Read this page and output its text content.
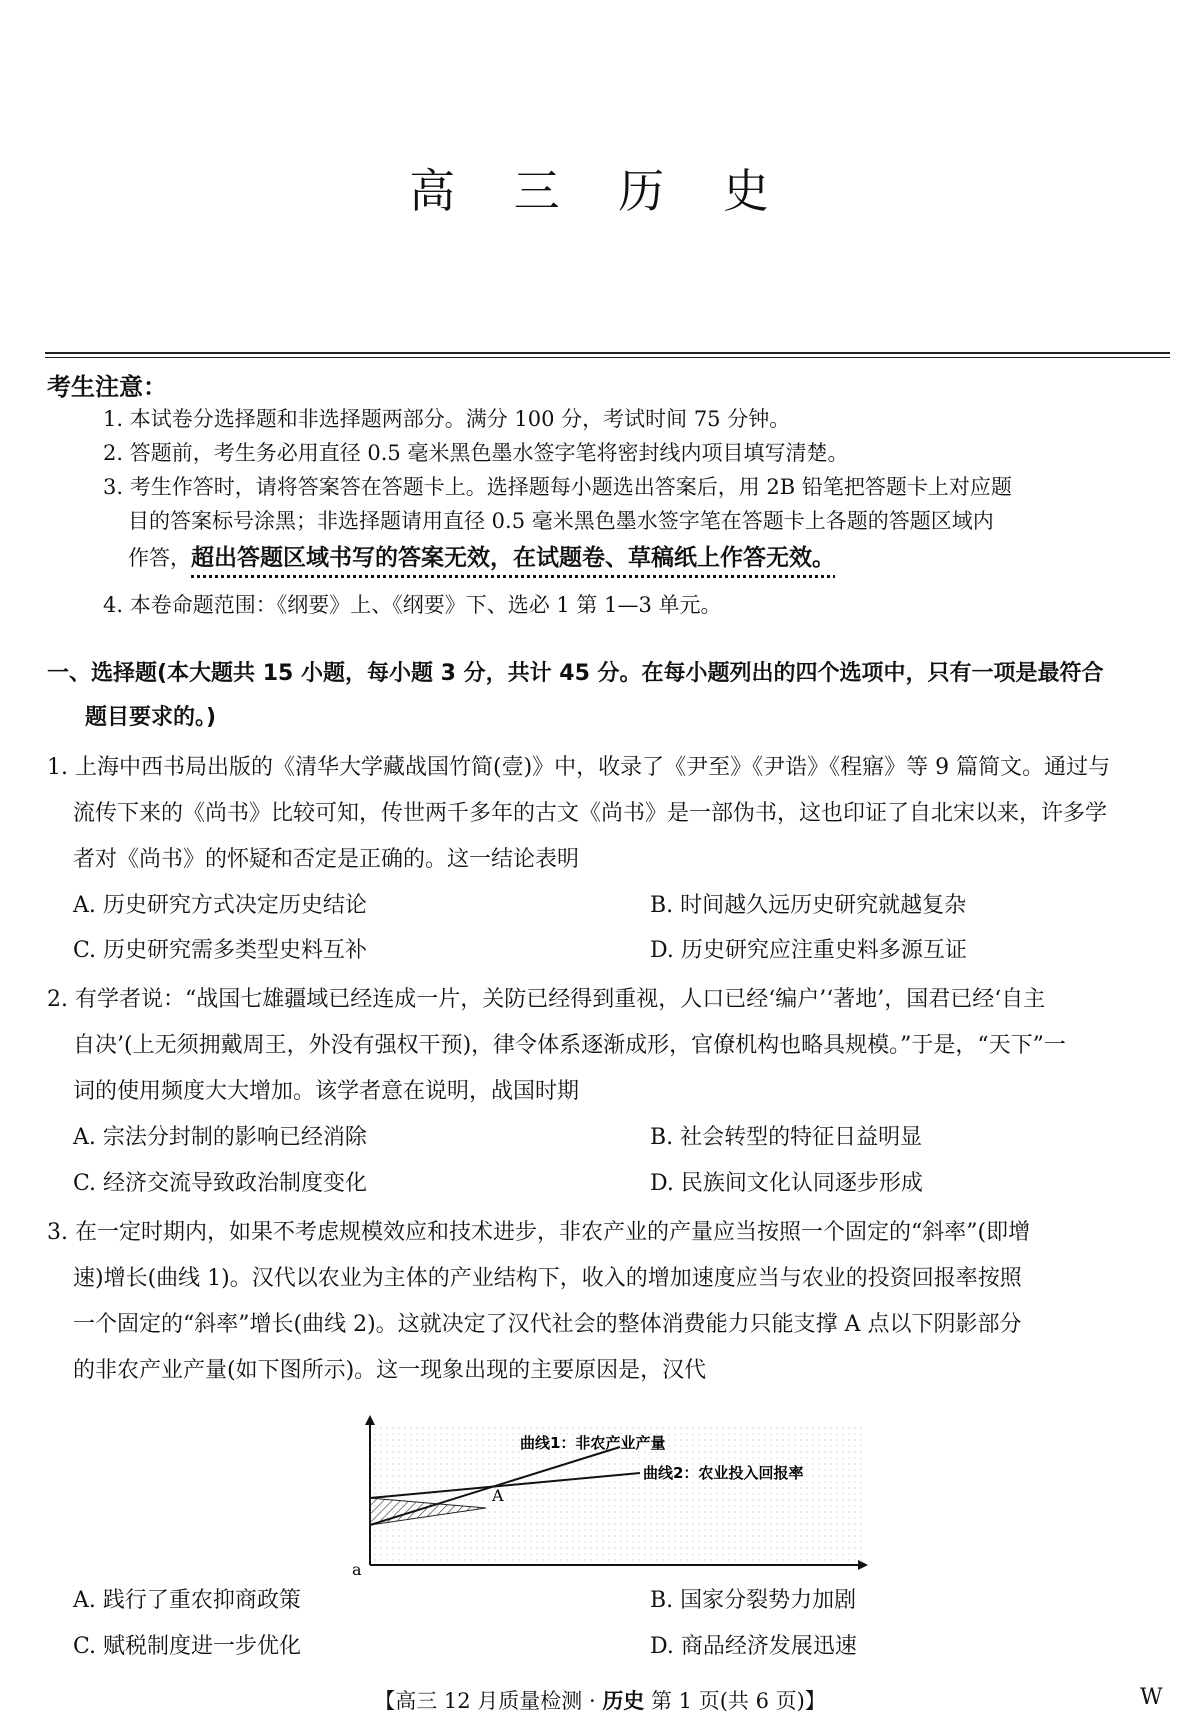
高 三 历 史
考生注意：
1. 本试卷分选择题和非选择题两部分。满分 100 分，考试时间 75 分钟。
2. 答题前，考生务必用直径 0.5 毫米黑色墨水签字笔将密封线内项目填写清楚。
3. 考生作答时，请将答案答在答题卡上。选择题每小题选出答案后，用 2B 铅笔把答题卡上对应题
目的答案标号涂黑；非选择题请用直径 0.5 毫米黑色墨水签字笔在答题卡上各题的答题区域内
作答，超出答题区域书写的答案无效，在试题卷、草稿纸上作答无效。
4. 本卷命题范围：《纲要》上、《纲要》下、选必 1 第 1—3 单元。
一、选择题(本大题共 15 小题，每小题 3 分，共计 45 分。在每小题列出的四个选项中，只有一项是最符合
题目要求的。)
1. 上海中西书局出版的《清华大学藏战国竹简(壹)》中，收录了《尹至》《尹诰》《程寤》等 9 篇简文。通过与
流传下来的《尚书》比较可知，传世两千多年的古文《尚书》是一部伪书，这也印证了自北宋以来，许多学
者对《尚书》的怀疑和否定是正确的。这一结论表明
A. 历史研究方式决定历史结论	B. 时间越久远历史研究就越复杂
C. 历史研究需多类型史料互补	D. 历史研究应注重史料多源互证
2. 有学者说：“战国七雄疆域已经连成一片，关防已经得到重视，人口已经‘编户’‘著地’，国君已经‘自主
自决’(上无须拥戴周王，外没有强权干预)，律令体系逐渐成形，官僚机构也略具规模。”于是，“天下”一
词的使用频度大大增加。该学者意在说明，战国时期
A. 宗法分封制的影响已经消除	B. 社会转型的特征日益明显
C. 经济交流导致政治制度变化	D. 民族间文化认同逐步形成
3. 在一定时期内，如果不考虑规模效应和技术进步，非农产业的产量应当按照一个固定的“斜率”(即增
速)增长(曲线 1)。汉代以农业为主体的产业结构下，收入的增加速度应当与农业的投资回报率按照
一个固定的“斜率”增长(曲线 2)。这就决定了汉代社会的整体消费能力只能支撑 A 点以下阴影部分
的非农产业产量(如下图所示)。这一现象出现的主要原因是，汉代
曲线1：非农产业产量
曲线2：农业投入回报率
A
a
A. 践行了重农抑商政策	B. 国家分裂势力加剧
C. 赋税制度进一步优化	D. 商品经济发展迅速
【高三 12 月质量检测 · 历史 第 1 页(共 6 页)】	W
